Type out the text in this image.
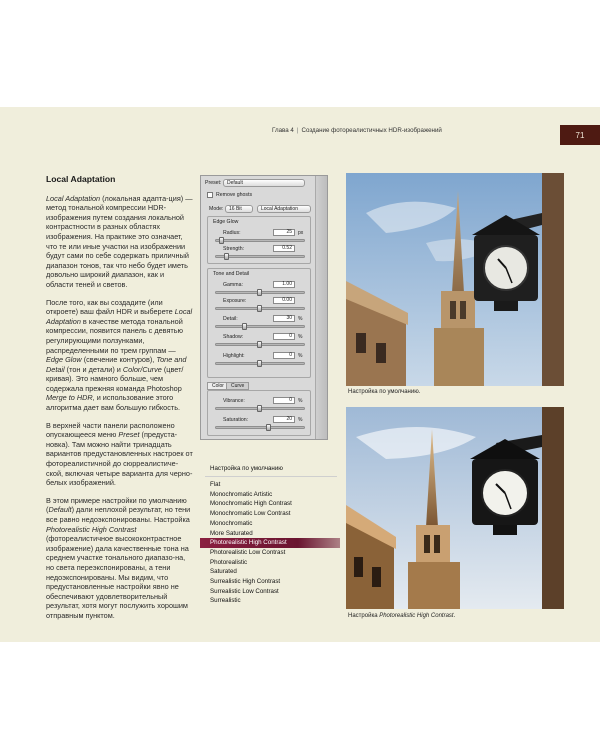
Глава 4 | Создание фотореалистичных HDR-изображений	71
Local Adaptation

Local Adaptation (локальная адапта-ция) — метод тональной компрессии HDR-изображения путем создания локальной контрастности в разных областях изображения. На практике это означает, что те или иные участки на изображении будут сами по себе содержать приличный диапазон тонов, так что небо будет иметь довольно широкий диапазон, как и области теней и светов.

После того, как вы создадите (или откроете) ваш файл HDR и выберете Local Adaptation в качестве метода тональной компрессии, появится панель с девятью регулирующими ползунками, распределенными по трем группам — Edge Glow (свечение контуров), Tone and Detail (тон и детали) и Color/Curve (цвет/кривая). Это намного больше, чем содержала прежняя команда Photoshop Merge to HDR, и использование этого алгоритма дает вам большую гибкость.

В верхней части панели расположено опускающееся меню Preset (предуста-новка). Там можно найти тринадцать вариантов предустановленных настроек от фотореалистичной до сюрреалистиче-ской, включая четыре варианта для черно-белых изображений.

В этом примере настройки по умолчанию (Default) дали неплохой результат, но тени все равно недоэкспонированы. Настройка Photorealistic High Contrast (фотореалистичное высококонтрастное изображение) дала качественные тона на среднем участке тонального диапазо-на, но света переэкспонированы, а тени недоэкспонированы. Мы видим, что предустановленные настройки явно не обеспечивают удовлетворительный результат, хотя могут послужить хорошим отправным пунктом.

Preset:	Default
Remove ghosts
Mode:	16 Bit	Local Adaptation
Edge Glow
Radius:	25	px
Strength:	0.52
Tone and Detail
Gamma:	1.00
Exposure:	0.00
Detail:	30	%
Shadow:	0	%
Highlight:	0	%
Color	Curve
Vibrance:	0	%
Saturation:	20	%
Настройка по умолчанию
Flat
Monochromatic Artistic
Monochromatic High Contrast
Monochromatic Low Contrast
Monochromatic
More Saturated
Photorealistic High Contrast
Photorealistic Low Contrast
Photorealistic
Saturated
Surrealistic High Contrast
Surrealistic Low Contrast
Surrealistic
Настройка по умолчанию.
Настройка Photorealistic High Contrast.
